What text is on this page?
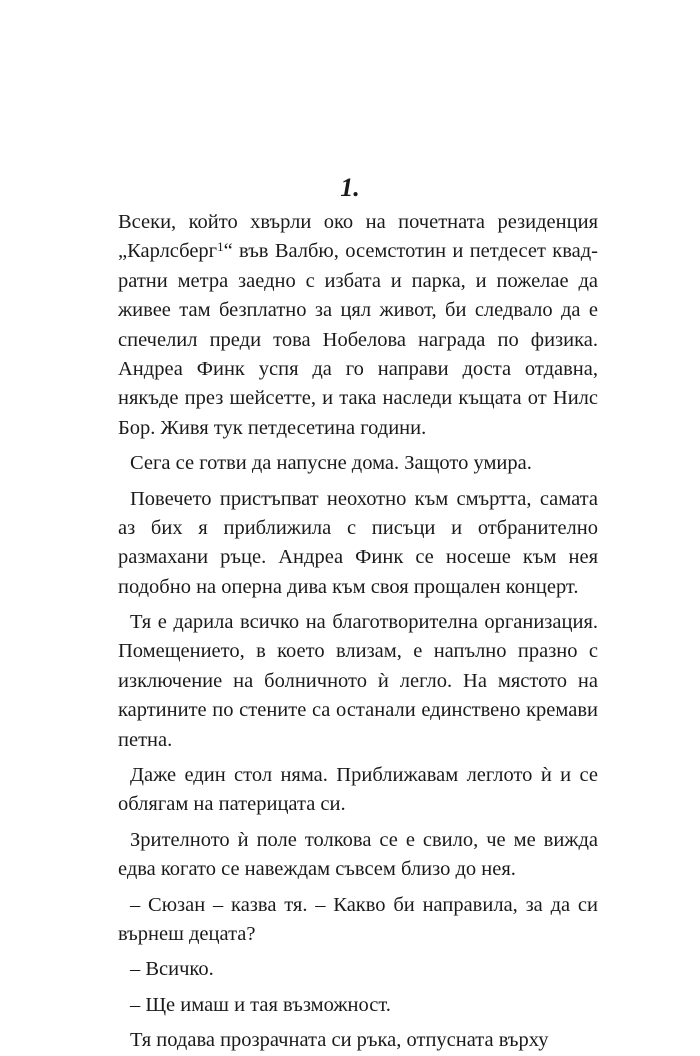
1.
Всеки, който хвърли око на почетната резиденция
„Карлсберг$^1$“ във Валбю, осемстотин и петдесет квад-
ратни метра заедно с избата и парка, и пожелае да
живее там безплатно за цял живот, би следвало да е
спечелил преди това Нобелова награда по физика.
Андреа Финк успя да го направи доста отдавна,
някъде през шейсетте, и така наследи къщата от Нилс
Бор. Живя тук петдесетина години.
Сега се готви да напусне дома. Защото умира.
Повечето пристъпват неохотно към смъртта, самата
аз бих я приближила с писъци и отбранително
размахани ръце. Андреа Финк се носеше към нея
подобно на оперна дива към своя прощален концерт.
Тя е дарила всичко на благотворителна организация.
Помещението, в което влизам, е напълно празно с
изключение на болничното ѝ легло. На мястото на
картините по стените са останали единствено кремави
петна.
Даже един стол няма. Приближавам леглото ѝ и се
облягам на патерицата си.
Зрителното ѝ поле толкова се е свило, че ме вижда
едва когато се навеждам съвсем близо до нея.
– Сюзан – казва тя. – Какво би направила, за да си
върнеш децата?
– Всичко.
– Ще имаш и тая възможност.
Тя подава прозрачната си ръка, отпусната върху
